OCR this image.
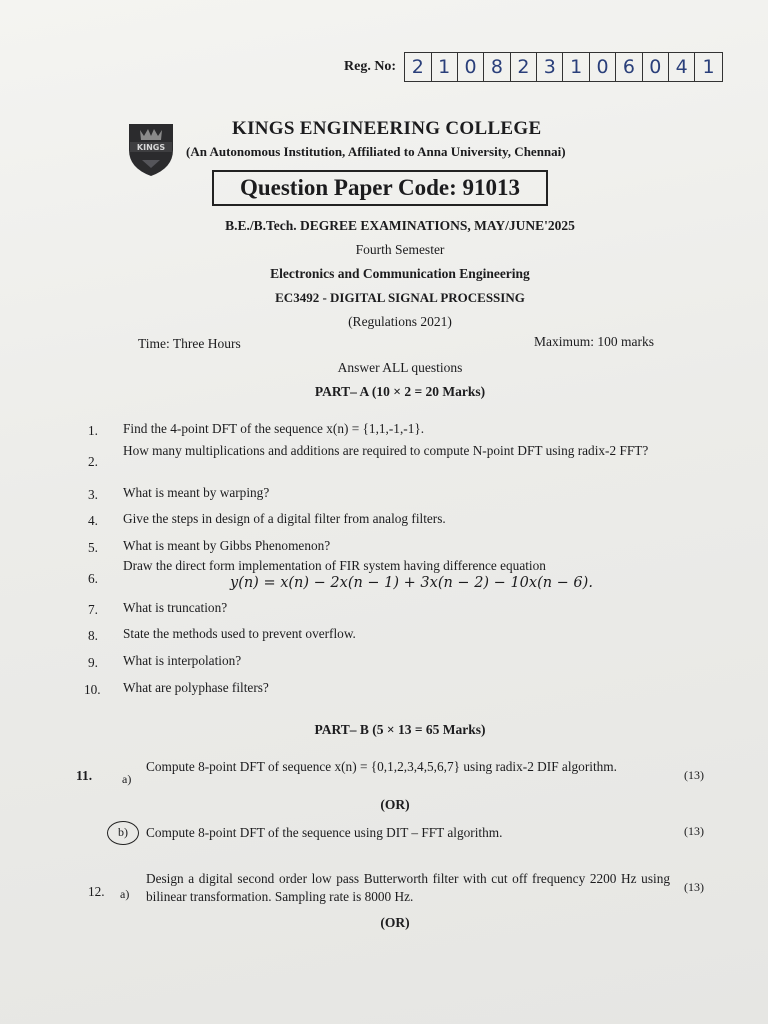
Reg. No: 2 1 0 8 2 3 1 0 6 0 4 1
KINGS
KINGS ENGINEERING COLLEGE
(An Autonomous Institution, Affiliated to Anna University, Chennai)
Question Paper Code: 91013
B.E./B.Tech. DEGREE EXAMINATIONS, MAY/JUNE'2025
Fourth Semester
Electronics and Communication Engineering
EC3492 - DIGITAL SIGNAL PROCESSING
(Regulations 2021)
Time: Three Hours	Maximum: 100 marks
Answer ALL questions
PART– A (10 × 2 = 20 Marks)
1. Find the 4-point DFT of the sequence x(n) = {1,1,-1,-1}.
2.
How many multiplications and additions are required to compute N-point DFT using radix-2 FFT?
3. What is meant by warping?
4. Give the steps in design of a digital filter from analog filters.
5. What is meant by Gibbs Phenomenon?
6.
Draw the direct form implementation of FIR system having difference equation
y(n) = x(n) − 2x(n − 1) + 3x(n − 2) − 10x(n − 6).
7. What is truncation?
8. State the methods used to prevent overflow.
9. What is interpolation?
10. What are polyphase filters?
PART– B (5 × 13 = 65 Marks)
11. a)
Compute 8-point DFT of sequence x(n) = {0,1,2,3,4,5,6,7} using radix-2 DIF algorithm.
(13)
(OR)
b) Compute 8-point DFT of the sequence using DIT – FFT algorithm.	(13)
12. a)
Design a digital second order low pass Butterworth filter with cut off frequency 2200 Hz using bilinear transformation. Sampling rate is 8000 Hz.
(13)
(OR)
